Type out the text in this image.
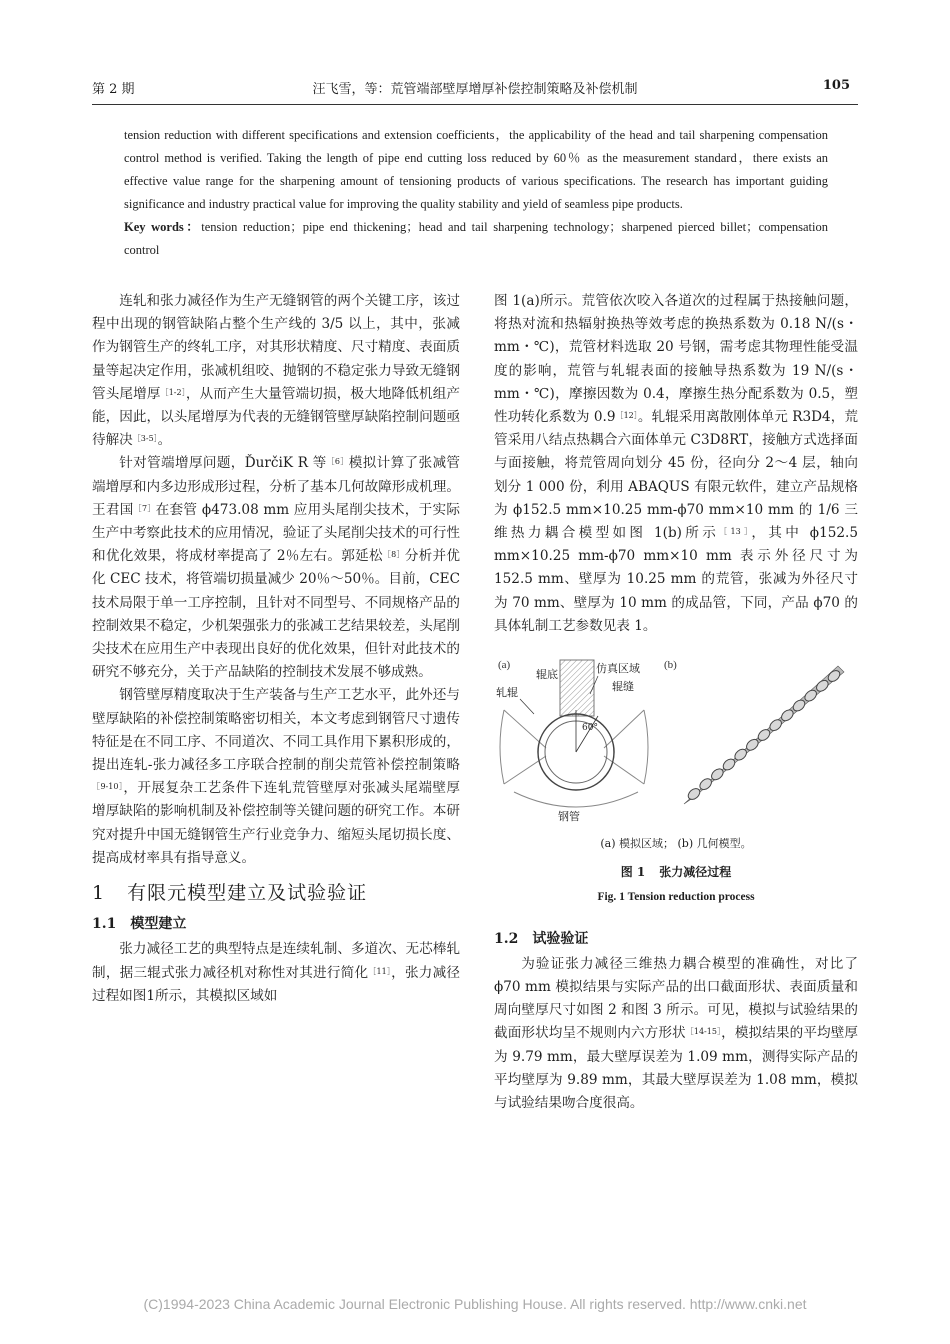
第 2 期	汪飞雪，等：荒管端部壁厚增厚补偿控制策略及补偿机制	105

tension reduction with different specifications and extension coefficients，the applicability of the head and tail sharpening compensation control method is verified. Taking the length of pipe end cutting loss reduced by 60％ as the measurement standard，there exists an effective value range for the sharpening amount of tensioning products of various specifications. The research has important guiding significance and industry practical value for improving the quality stability and yield of seamless pipe products.

Key words：tension reduction；pipe end thickening；head and tail sharpening technology；sharpened pierced billet；compensation control

连轧和张力减径作为生产无缝钢管的两个关键工序，该过程中出现的钢管缺陷占整个生产线的 3/5 以上，其中，张减作为钢管生产的终轧工序，对其形状精度、尺寸精度、表面质量等起决定作用，张减机组咬、抛钢的不稳定张力导致无缝钢管头尾增厚$^{[1-2]}$，从而产生大量管端切损，极大地降低机组产能，因此，以头尾增厚为代表的无缝钢管壁厚缺陷控制问题亟待解决$^{[3-5]}$。

针对管端增厚问题，ĎurčiK R 等$^{[6]}$模拟计算了张减管端增厚和内多边形成形过程，分析了基本几何故障形成机理。王君国$^{[7]}$在套管 ϕ473.08 mm 应用头尾削尖技术，于实际生产中考察此技术的应用情况，验证了头尾削尖技术的可行性和优化效果，将成材率提高了 2％左右。郭延松$^{[8]}$分析并优化 CEC 技术，将管端切损量减少 20％～50％。目前，CEC 技术局限于单一工序控制，且针对不同型号、不同规格产品的控制效果不稳定，少机架强张力的张减工艺结果较差，头尾削尖技术在应用生产中表现出良好的优化效果，但针对此技术的研究不够充分，关于产品缺陷的控制技术发展不够成熟。

钢管壁厚精度取决于生产装备与生产工艺水平，此外还与壁厚缺陷的补偿控制策略密切相关，本文考虑到钢管尺寸遗传特征是在不同工序、不同道次、不同工具作用下累积形成的，提出连轧-张力减径多工序联合控制的削尖荒管补偿控制策略$^{[9-10]}$，开展复杂工艺条件下连轧荒管壁厚对张减头尾端壁厚增厚缺陷的影响机制及补偿控制等关键问题的研究工作。本研究对提升中国无缝钢管生产行业竞争力、缩短头尾切损长度、提高成材率具有指导意义。

1 有限元模型建立及试验验证

1.1 模型建立

张力减径工艺的典型特点是连续轧制、多道次、无芯棒轧制，据三辊式张力减径机对称性对其进行简化$^{[11]}$，张力减径过程如图1所示，其模拟区域如

图 1(a)所示。荒管依次咬入各道次的过程属于热接触问题，将热对流和热辐射换热等效考虑的换热系数为 0.18 N/(s・mm・℃)，荒管材料选取 20 号钢，需考虑其物理性能受温度的影响，荒管与轧辊表面的接触导热系数为 19 N/(s・mm・℃)，摩擦因数为 0.4，摩擦生热分配系数为 0.5，塑性功转化系数为 0.9$^{[12]}$。轧辊采用离散刚体单元 R3D4，荒管采用八结点热耦合六面体单元 C3D8RT，接触方式选择面与面接触，将荒管周向划分 45 份，径向分 2～4 层，轴向划分 1 000 份，利用 ABAQUS 有限元软件，建立产品规格为 ϕ152.5 mm×10.25 mm-ϕ70 mm×10 mm 的 1/6 三维热力耦合模型如图 1(b)所示$^{[13]}$，其中 ϕ152.5 mm×10.25 mm-ϕ70 mm×10 mm 表示外径尺寸为 152.5 mm、壁厚为 10.25 mm 的荒管，张减为外径尺寸为 70 mm、壁厚为 10 mm 的成品管，下同，产品 ϕ70 的具体轧制工艺参数见表 1。

(a)
60°
轧辊
辊底	仿真区域
辊缝
钢管
(b)
(a) 模拟区域； (b) 几何模型。
图 1 张力减径过程
Fig. 1 Tension reduction process

1.2 试验验证

为验证张力减径三维热力耦合模型的准确性，对比了 ϕ70 mm 模拟结果与实际产品的出口截面形状、表面质量和周向壁厚尺寸如图 2 和图 3 所示。可见，模拟与试验结果的截面形状均呈不规则内六方形状$^{[14-15]}$，模拟结果的平均壁厚为 9.79 mm，最大壁厚误差为 1.09 mm，测得实际产品的平均壁厚为 9.89 mm，其最大壁厚误差为 1.08 mm，模拟与试验结果吻合度很高。

(C)1994-2023 China Academic Journal Electronic Publishing House. All rights reserved. http://www.cnki.net
